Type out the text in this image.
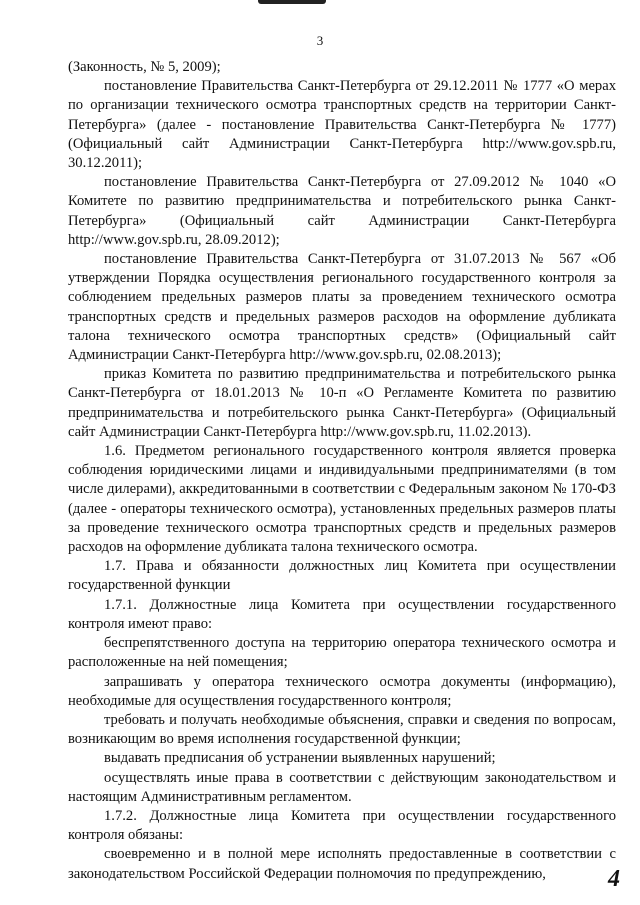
3

(Законность, № 5, 2009);

постановление Правительства Санкт-Петербурга от 29.12.2011 № 1777 «О мерах по организации технического осмотра транспортных средств на территории Санкт-Петербурга» (далее - постановление Правительства Санкт-Петербурга № 1777) (Официальный сайт Администрации Санкт-Петербурга http://www.gov.spb.ru, 30.12.2011);

постановление Правительства Санкт-Петербурга от 27.09.2012 № 1040 «О Комитете по развитию предпринимательства и потребительского рынка Санкт-Петербурга» (Официальный сайт Администрации Санкт-Петербурга http://www.gov.spb.ru, 28.09.2012);

постановление Правительства Санкт-Петербурга от 31.07.2013 № 567 «Об утверждении Порядка осуществления регионального государственного контроля за соблюдением предельных размеров платы за проведением технического осмотра транспортных средств и предельных размеров расходов на оформление дубликата талона технического осмотра транспортных средств» (Официальный сайт Администрации Санкт-Петербурга http://www.gov.spb.ru, 02.08.2013);

приказ Комитета по развитию предпринимательства и потребительского рынка Санкт-Петербурга от 18.01.2013 № 10-п «О Регламенте Комитета по развитию предпринимательства и потребительского рынка Санкт-Петербурга» (Официальный сайт Администрации Санкт-Петербурга http://www.gov.spb.ru, 11.02.2013).

1.6. Предметом регионального государственного контроля является проверка соблюдения юридическими лицами и индивидуальными предпринимателями (в том числе дилерами), аккредитованными в соответствии с Федеральным законом № 170-ФЗ (далее - операторы технического осмотра), установленных предельных размеров платы за проведение технического осмотра транспортных средств и предельных размеров расходов на оформление дубликата талона технического осмотра.

1.7. Права и обязанности должностных лиц Комитета при осуществлении государственной функции

1.7.1. Должностные лица Комитета при осуществлении государственного контроля имеют право:

беспрепятственного доступа на территорию оператора технического осмотра и расположенные на ней помещения;

запрашивать у оператора технического осмотра документы (информацию), необходимые для осуществления государственного контроля;

требовать и получать необходимые объяснения, справки и сведения по вопросам, возникающим во время исполнения государственной функции;

выдавать предписания об устранении выявленных нарушений;

осуществлять иные права в соответствии с действующим законодательством и настоящим Административным регламентом.

1.7.2. Должностные лица Комитета при осуществлении государственного контроля обязаны:

своевременно и в полной мере исполнять предоставленные в соответствии с законодательством Российской Федерации полномочия по предупреждению,	4
